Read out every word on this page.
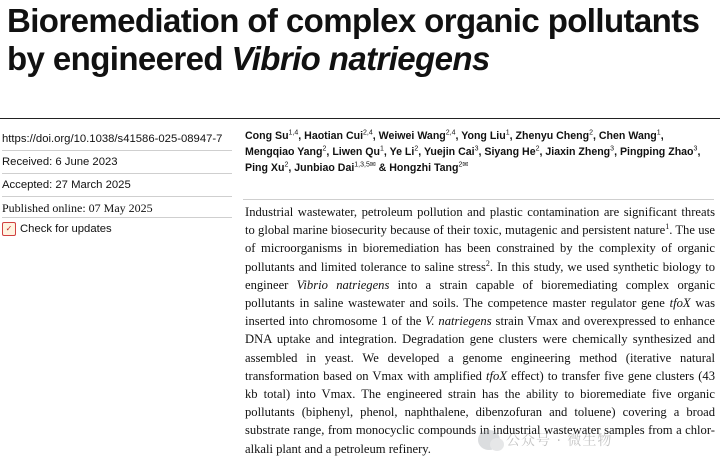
Bioremediation of complex organic pollutants by engineered Vibrio natriegens
https://doi.org/10.1038/s41586-025-08947-7
Received: 6 June 2023
Accepted: 27 March 2025
Published online: 07 May 2025
✓ Check for updates

Cong Su$^{1,4}$, Haotian Cui$^{2,4}$, Weiwei Wang$^{2,4}$, Yong Liu$^1$, Zhenyu Cheng$^2$, Chen Wang$^1$, Mengqiao Yang$^2$, Liwen Qu$^1$, Ye Li$^2$, Yuejin Cai$^3$, Siyang He$^2$, Jiaxin Zheng$^3$, Pingping Zhao$^3$, Ping Xu$^2$, Junbiao Dai$^{1,3,5✉}$ & Hongzhi Tang$^{2✉}$

Industrial wastewater, petroleum pollution and plastic contamination are significant threats to global marine biosecurity because of their toxic, mutagenic and persistent nature$^1$. The use of microorganisms in bioremediation has been constrained by the complexity of organic pollutants and limited tolerance to saline stress$^2$. In this study, we used synthetic biology to engineer Vibrio natriegens into a strain capable of bioremediating complex organic pollutants in saline wastewater and soils. The competence master regulator gene tfoX was inserted into chromosome 1 of the V. natriegens strain Vmax and overexpressed to enhance DNA uptake and integration. Degradation gene clusters were chemically synthesized and assembled in yeast. We developed a genome engineering method (iterative natural transformation based on Vmax with amplified tfoX effect) to transfer five gene clusters (43 kb total) into Vmax. The engineered strain has the ability to bioremediate five organic pollutants (biphenyl, phenol, naphthalene, dibenzofuran and toluene) covering a broad substrate range, from monocyclic compounds in industrial wastewater samples from a chlor-alkali plant and a petroleum refinery.	公众号 · 微生物
